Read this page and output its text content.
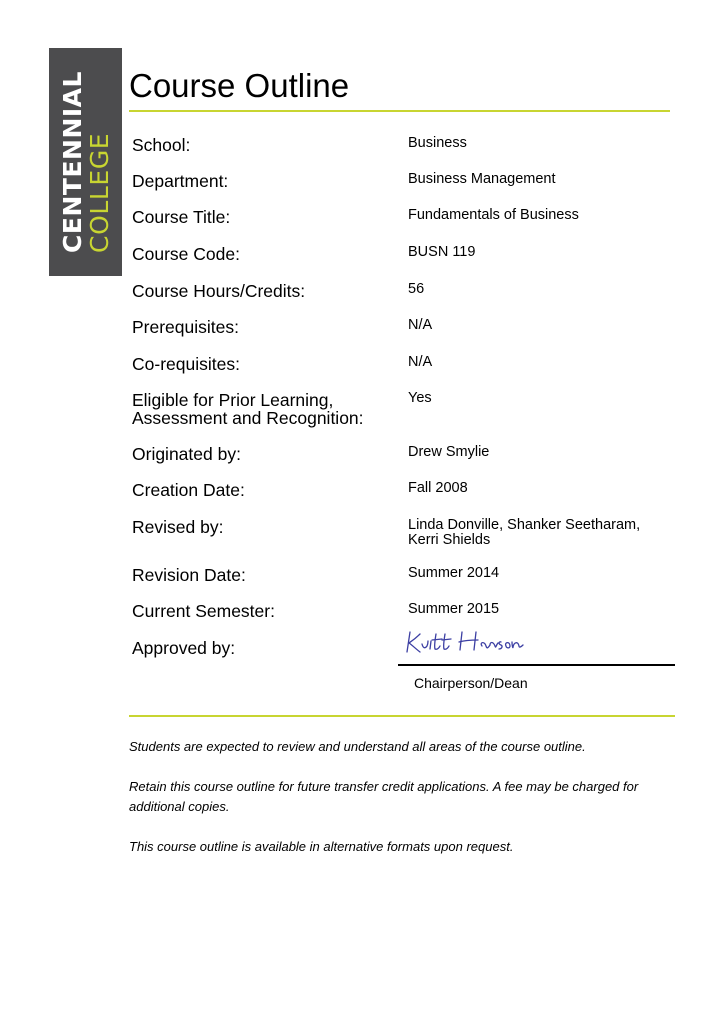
CENTENNIAL
COLLEGE
Course Outline
School:	Business
Department:	Business Management
Course Title:	Fundamentals of Business
Course Code:	BUSN 119
Course Hours/Credits:	56
Prerequisites:	N/A
Co-requisites:	N/A
Eligible for Prior Learning,
Assessment and Recognition:
Yes
Originated by:	Drew Smylie
Creation Date:	Fall 2008
Revised by:	Linda Donville, Shanker Seetharam,
Kerri Shields
Revision Date:	Summer 2014
Current Semester:	Summer 2015
Approved by:	Keith Hanson
Chairperson/Dean

Students are expected to review and understand all areas of the course outline.

Retain this course outline for future transfer credit applications. A fee may be charged for additional copies.

This course outline is available in alternative formats upon request.
